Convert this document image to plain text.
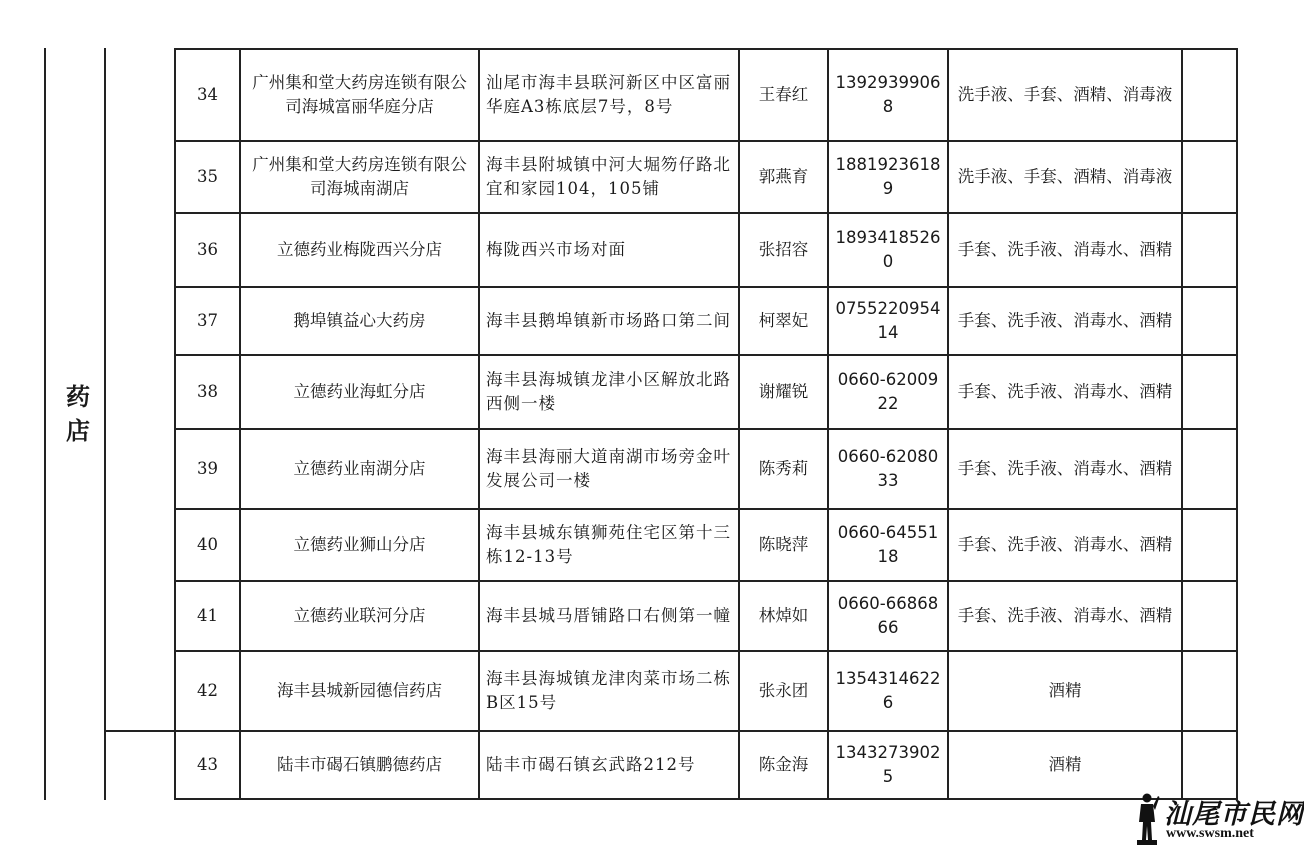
药店
34	广州集和堂大药房连锁有限公司海城富丽华庭分店	汕尾市海丰县联河新区中区富丽华庭A3栋底层7号，8号	王春红	13929399068	洗手液、手套、酒精、消毒液	
35	广州集和堂大药房连锁有限公司海城南湖店	海丰县附城镇中河大堀笏仔路北宜和家园104，105铺	郭燕育	18819236189	洗手液、手套、酒精、消毒液	
36	立德药业梅陇西兴分店	梅陇西兴市场对面	张招容	18934185260	手套、洗手液、消毒水、酒精	
37	鹅埠镇益心大药房	海丰县鹅埠镇新市场路口第二间	柯翠妃	075522095414	手套、洗手液、消毒水、酒精	
38	立德药业海虹分店	海丰县海城镇龙津小区解放北路西侧一楼	谢耀锐	0660-6200922	手套、洗手液、消毒水、酒精	
39	立德药业南湖分店	海丰县海丽大道南湖市场旁金叶发展公司一楼	陈秀莉	0660-6208033	手套、洗手液、消毒水、酒精	
40	立德药业狮山分店	海丰县城东镇狮苑住宅区第十三栋12-13号	陈晓萍	0660-6455118	手套、洗手液、消毒水、酒精	
41	立德药业联河分店	海丰县城马厝铺路口右侧第一幢	林焯如	0660-6686866	手套、洗手液、消毒水、酒精	
42	海丰县城新园德信药店	海丰县海城镇龙津肉菜市场二栋B区15号	张永团	13543146226	酒精	
43	陆丰市碣石镇鹏德药店	陆丰市碣石镇玄武路212号	陈金海	13432739025	酒精	
汕尾市民网
www.swsm.net
